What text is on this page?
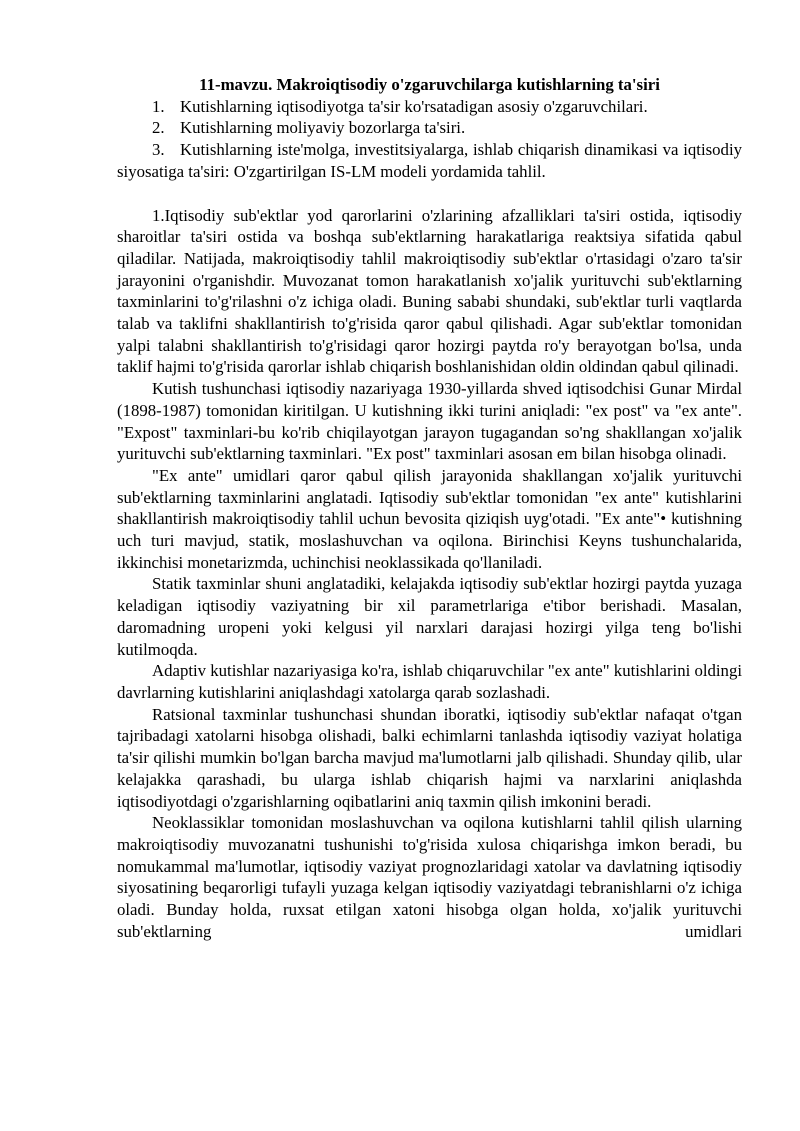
11-mavzu. Makroiqtisodiy o'zgaruvchilarga kutishlarning ta'siri
1. Kutishlarning iqtisodiyotga ta'sir ko'rsatadigan asosiy o'zgaruvchilari.
2. Kutishlarning moliyaviy bozorlarga ta'siri.
3. Kutishlarning iste'molga, investitsiyalarga, ishlab chiqarish dinamikasi va iqtisodiy siyosatiga ta'siri: O'zgartirilgan IS-LM modeli yordamida tahlil.

1.Iqtisodiy sub'ektlar yod qarorlarini o'zlarining afzalliklari ta'siri ostida, iqtisodiy sharoitlar ta'siri ostida va boshqa sub'ektlarning harakatlariga reaktsiya sifatida qabul qiladilar. Natijada, makroiqtisodiy tahlil makroiqtisodiy sub'ektlar o'rtasidagi o'zaro ta'sir jarayonini o'rganishdir. Muvozanat tomon harakatlanish xo'jalik yurituvchi sub'ektlarning taxminlarini to'g'rilashni o'z ichiga oladi. Buning sababi shundaki, sub'ektlar turli vaqtlarda talab va taklifni shakllantirish to'g'risida qaror qabul qilishadi. Agar sub'ektlar tomonidan yalpi talabni shakllantirish to'g'risidagi qaror hozirgi paytda ro'y berayotgan bo'lsa, unda taklif hajmi to'g'risida qarorlar ishlab chiqarish boshlanishidan oldin oldindan qabul qilinadi.

Kutish tushunchasi iqtisodiy nazariyaga 1930-yillarda shved iqtisodchisi Gunar Mirdal (1898-1987) tomonidan kiritilgan. U kutishning ikki turini aniqladi: "ex post" va "ex ante". "Expost" taxminlari-bu ko'rib chiqilayotgan jarayon tugagandan so'ng shakllangan xo'jalik yurituvchi sub'ektlarning taxminlari. "Ex post" taxminlari asosan em bilan hisobga olinadi.

"Ex ante" umidlari qaror qabul qilish jarayonida shakllangan xo'jalik yurituvchi sub'ektlarning taxminlarini anglatadi. Iqtisodiy sub'ektlar tomonidan "ex ante" kutishlarini shakllantirish makroiqtisodiy tahlil uchun bevosita qiziqish uyg'otadi. "Ex ante"• kutishning uch turi mavjud, statik, moslashuvchan va oqilona. Birinchisi Keyns tushunchalarida, ikkinchisi monetarizmda, uchinchisi neoklassikada qo'llaniladi.

Statik taxminlar shuni anglatadiki, kelajakda iqtisodiy sub'ektlar hozirgi paytda yuzaga keladigan iqtisodiy vaziyatning bir xil parametrlariga e'tibor berishadi. Masalan, daromadning uropeni yoki kelgusi yil narxlari darajasi hozirgi yilga teng bo'lishi kutilmoqda.

Adaptiv kutishlar nazariyasiga ko'ra, ishlab chiqaruvchilar "ex ante" kutishlarini oldingi davrlarning kutishlarini aniqlashdagi xatolarga qarab sozlashadi.

Ratsional taxminlar tushunchasi shundan iboratki, iqtisodiy sub'ektlar nafaqat o'tgan tajribadagi xatolarni hisobga olishadi, balki echimlarni tanlashda iqtisodiy vaziyat holatiga ta'sir qilishi mumkin bo'lgan barcha mavjud ma'lumotlarni jalb qilishadi. Shunday qilib, ular kelajakka qarashadi, bu ularga ishlab chiqarish hajmi va narxlarini aniqlashda iqtisodiyotdagi o'zgarishlarning oqibatlarini aniq taxmin qilish imkonini beradi.

Neoklassiklar tomonidan moslashuvchan va oqilona kutishlarni tahlil qilish ularning makroiqtisodiy muvozanatni tushunishi to'g'risida xulosa chiqarishga imkon beradi, bu nomukammal ma'lumotlar, iqtisodiy vaziyat prognozlaridagi xatolar va davlatning iqtisodiy siyosatining beqarorligi tufayli yuzaga kelgan iqtisodiy vaziyatdagi tebranishlarni o'z ichiga oladi. Bunday holda, ruxsat etilgan xatoni hisobga olgan holda, xo'jalik yurituvchi sub'ektlarning umidlari
